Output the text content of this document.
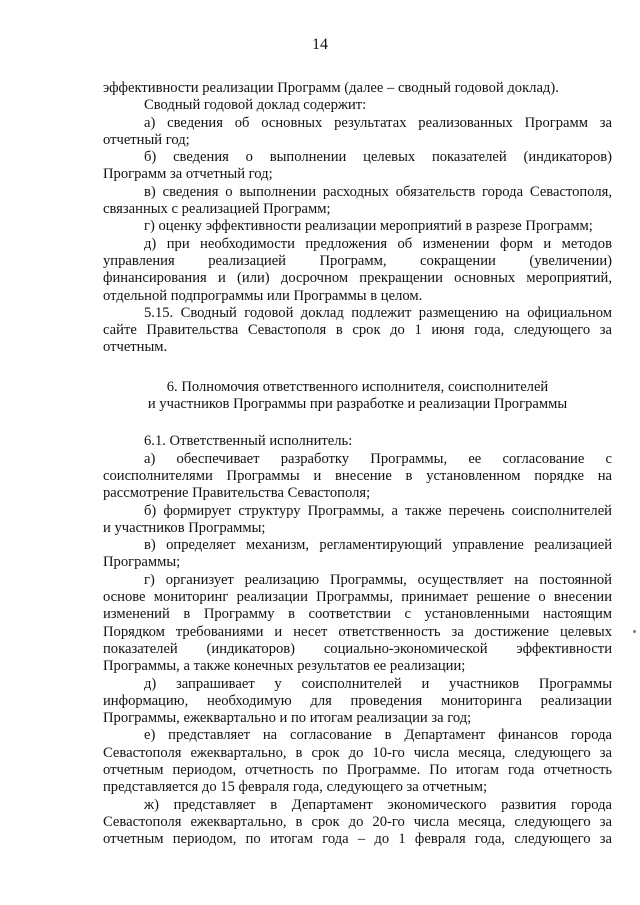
14
эффективности реализации Программ (далее – сводный годовой доклад).
Сводный годовой доклад содержит:
а) сведения об основных результатах реализованных Программ за
отчетный год;
б) сведения о выполнении целевых показателей (индикаторов)
Программ за отчетный год;
в) сведения о выполнении расходных обязательств города Севастополя,
связанных с реализацией Программ;
г) оценку эффективности реализации мероприятий в разрезе Программ;
д) при необходимости предложения об изменении форм и методов
управления реализацией Программ, сокращении (увеличении)
финансирования и (или) досрочном прекращении основных мероприятий,
отдельной подпрограммы или Программы в целом.
5.15. Сводный годовой доклад подлежит размещению на официальном
сайте Правительства Севастополя в срок до 1 июня года, следующего за
отчетным.
6. Полномочия ответственного исполнителя, соисполнителей
и участников Программы при разработке и реализации Программы
6.1. Ответственный исполнитель:
а) обеспечивает разработку Программы, ее согласование с
соисполнителями Программы и внесение в установленном порядке на
рассмотрение Правительства Севастополя;
б) формирует структуру Программы, а также перечень соисполнителей
и участников Программы;
в) определяет механизм, регламентирующий управление реализацией
Программы;
г) организует реализацию Программы, осуществляет на постоянной
основе мониторинг реализации Программы, принимает решение о внесении
изменений в Программу в соответствии с установленными настоящим
Порядком требованиями и несет ответственность за достижение целевых
показателей (индикаторов) социально-экономической эффективности
Программы, а также конечных результатов ее реализации;
д) запрашивает у соисполнителей и участников Программы
информацию, необходимую для проведения мониторинга реализации
Программы, ежеквартально и по итогам реализации за год;
е) представляет на согласование в Департамент финансов города
Севастополя ежеквартально, в срок до 10-го числа месяца, следующего за
отчетным периодом, отчетность по Программе. По итогам года отчетность
представляется до 15 февраля года, следующего за отчетным;
ж) представляет в Департамент экономического развития города
Севастополя ежеквартально, в срок до 20-го числа месяца, следующего за
отчетным периодом, по итогам года – до 1 февраля года, следующего за
